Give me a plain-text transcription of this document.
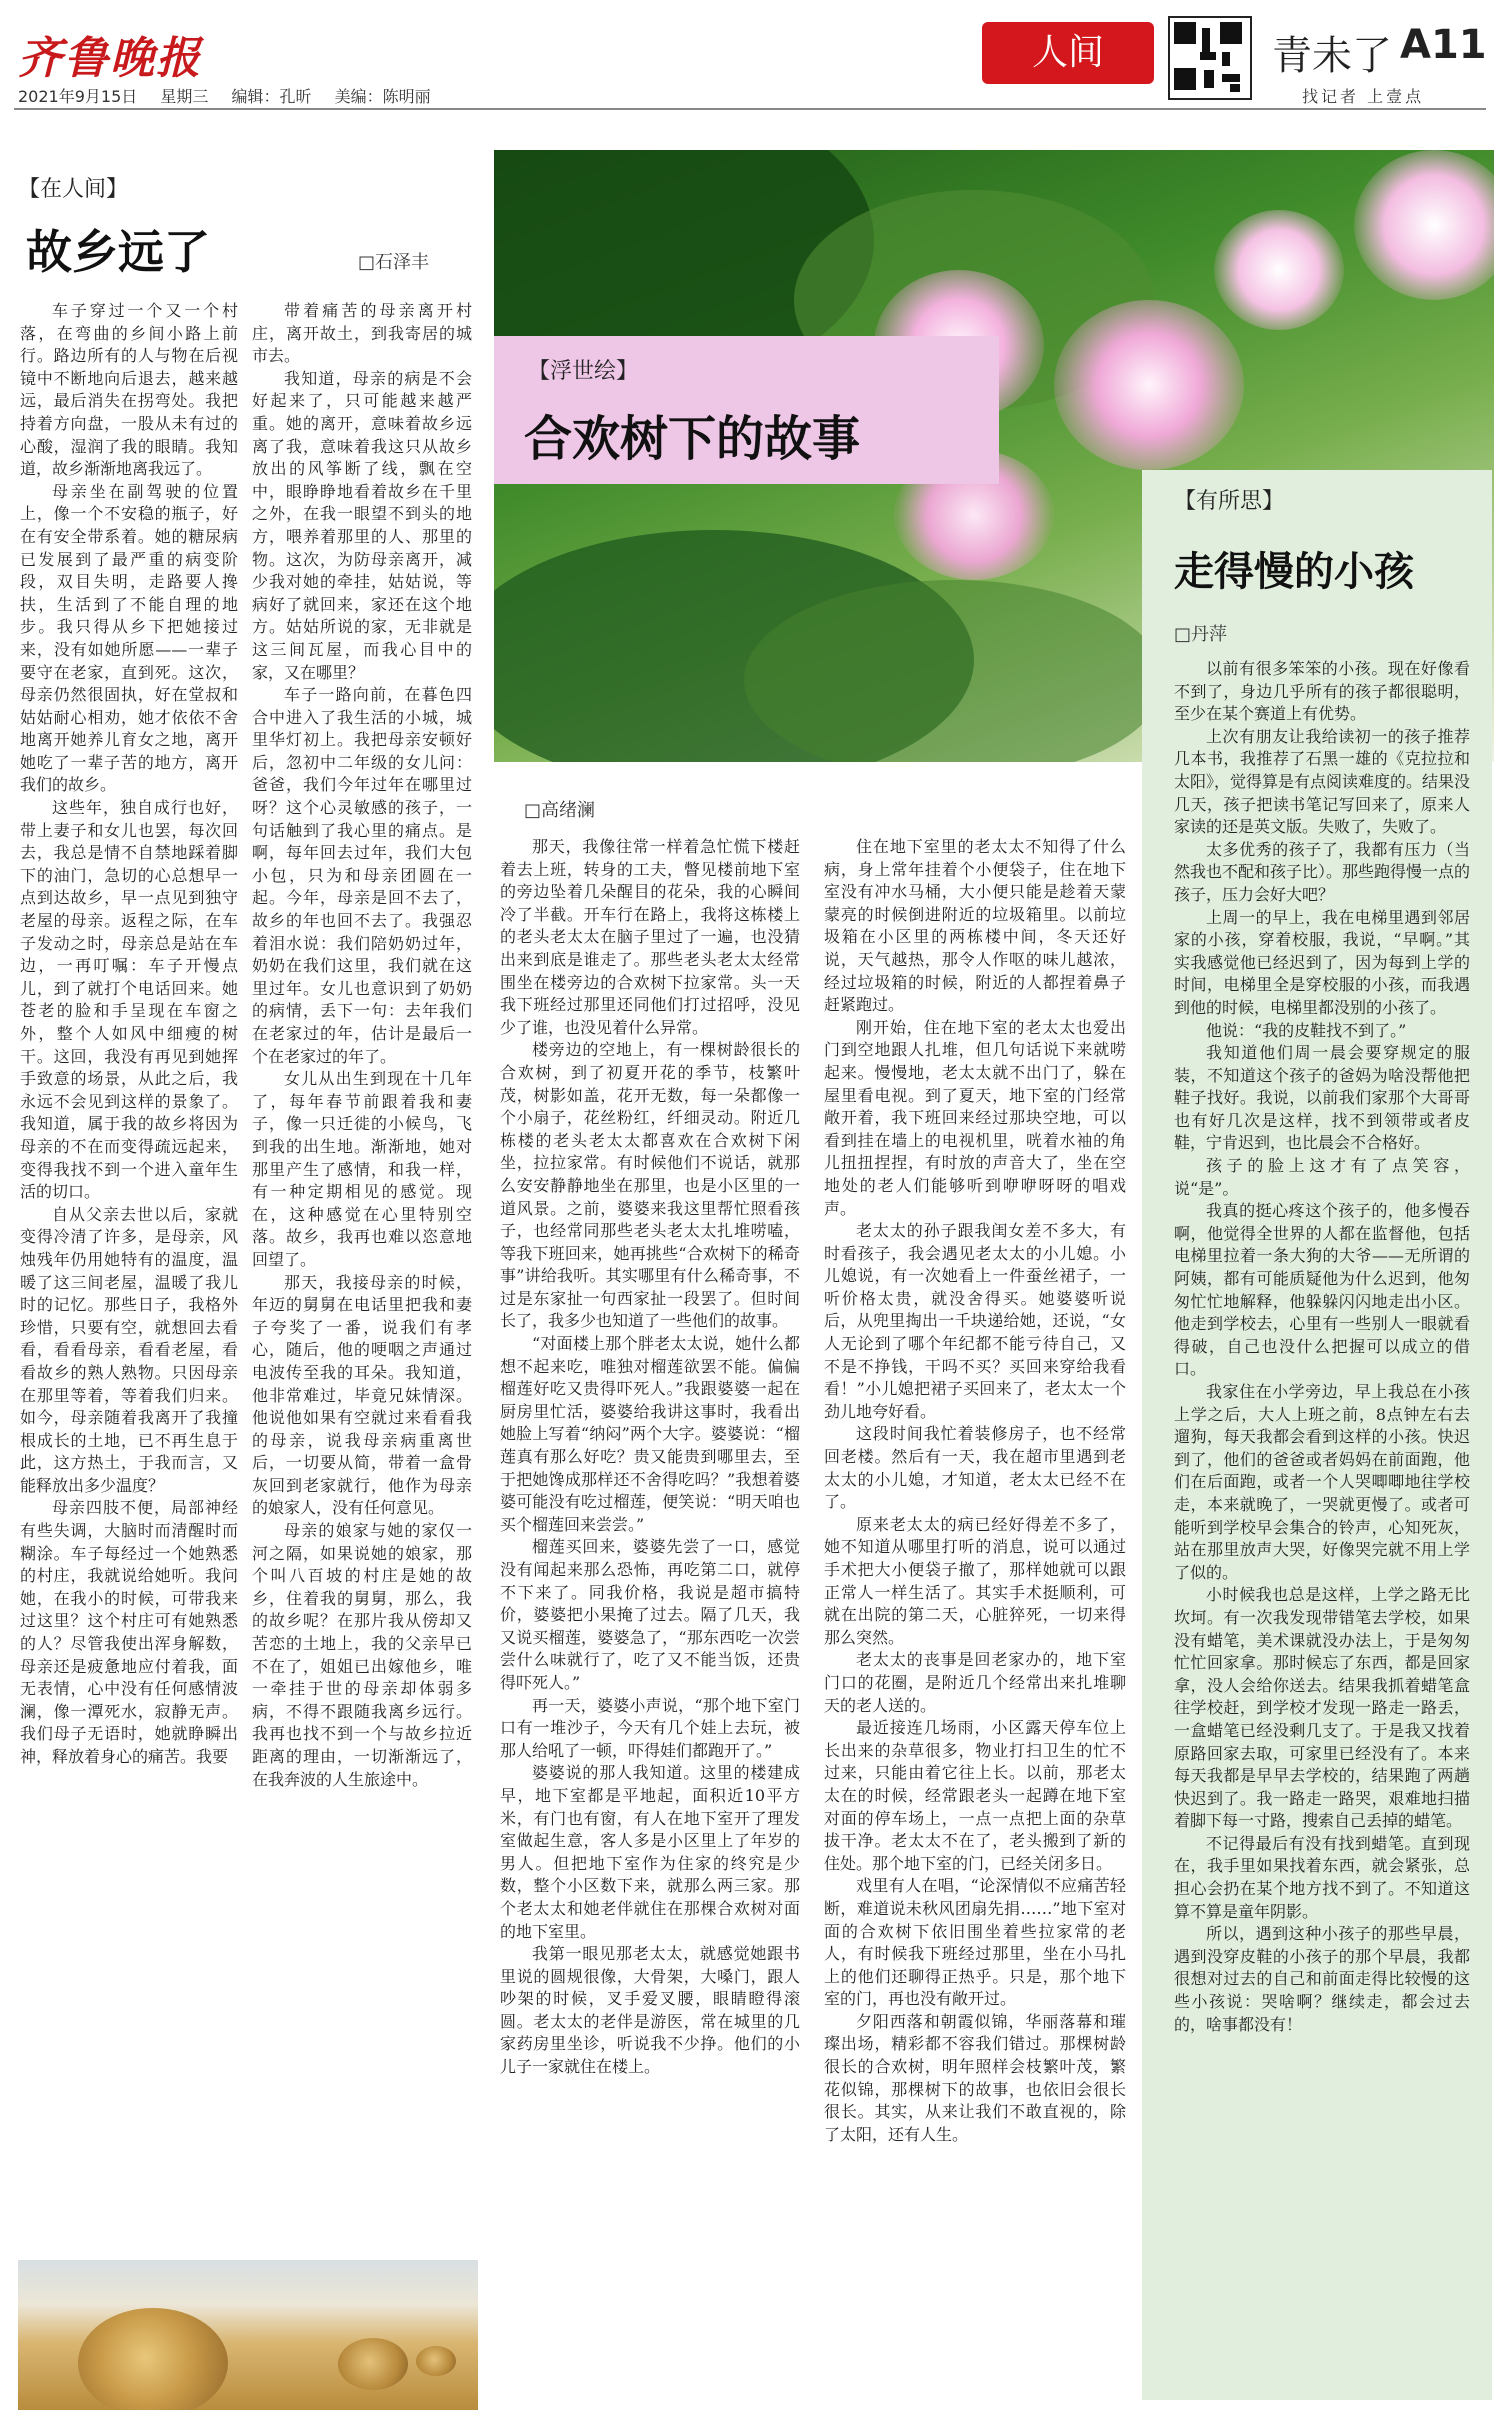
齐鲁晚报
2021年9月15日 星期三 编辑：孔昕 美编：陈明丽
人间	青未了 A11
找记者 上壹点
【在人间】
故乡远了	□石泽丰

车子穿过一个又一个村落，在弯曲的乡间小路上前行。路边所有的人与物在后视镜中不断地向后退去，越来越远，最后消失在拐弯处。我把持着方向盘，一股从未有过的心酸，湿润了我的眼睛。我知道，故乡渐渐地离我远了。

母亲坐在副驾驶的位置上，像一个不安稳的瓶子，好在有安全带系着。她的糖尿病已发展到了最严重的病变阶段，双目失明，走路要人搀扶，生活到了不能自理的地步。我只得从乡下把她接过来，没有如她所愿——一辈子要守在老家，直到死。这次，母亲仍然很固执，好在堂叔和姑姑耐心相劝，她才依依不舍地离开她养儿育女之地，离开她吃了一辈子苦的地方，离开我们的故乡。

这些年，独自成行也好，带上妻子和女儿也罢，每次回去，我总是情不自禁地踩着脚下的油门，急切的心总想早一点到达故乡，早一点见到独守老屋的母亲。返程之际，在车子发动之时，母亲总是站在车边，一再叮嘱：车子开慢点儿，到了就打个电话回来。她苍老的脸和手呈现在车窗之外，整个人如风中细瘦的树干。这回，我没有再见到她挥手致意的场景，从此之后，我永远不会见到这样的景象了。我知道，属于我的故乡将因为母亲的不在而变得疏远起来，变得我找不到一个进入童年生活的切口。

自从父亲去世以后，家就变得冷清了许多，是母亲，风烛残年仍用她特有的温度，温暖了这三间老屋，温暖了我儿时的记忆。那些日子，我格外珍惜，只要有空，就想回去看看，看看母亲，看看老屋，看看故乡的熟人熟物。只因母亲在那里等着，等着我们归来。如今，母亲随着我离开了我撞根成长的土地，已不再生息于此，这方热土，于我而言，又能释放出多少温度？

母亲四肢不便，局部神经有些失调，大脑时而清醒时而糊涂。车子每经过一个她熟悉的村庄，我就说给她听。我问她，在我小的时候，可带我来过这里？这个村庄可有她熟悉的人？尽管我使出浑身解数，母亲还是疲惫地应付着我，面无表情，心中没有任何感情波澜，像一潭死水，寂静无声。我们母子无语时，她就睁瞬出神，释放着身心的痛苦。我要

带着痛苦的母亲离开村庄，离开故土，到我寄居的城市去。

我知道，母亲的病是不会好起来了，只可能越来越严重。她的离开，意味着故乡远离了我，意味着我这只从故乡放出的风筝断了线，飘在空中，眼睁睁地看着故乡在千里之外，在我一眼望不到头的地方，喂养着那里的人、那里的物。这次，为防母亲离开，减少我对她的牵挂，姑姑说，等病好了就回来，家还在这个地方。姑姑所说的家，无非就是这三间瓦屋，而我心目中的家，又在哪里？

车子一路向前，在暮色四合中进入了我生活的小城，城里华灯初上。我把母亲安顿好后，忽初中二年级的女儿问：爸爸，我们今年过年在哪里过呀？这个心灵敏感的孩子，一句话触到了我心里的痛点。是啊，每年回去过年，我们大包小包，只为和母亲团圆在一起。今年，母亲是回不去了，故乡的年也回不去了。我强忍着泪水说：我们陪奶奶过年，奶奶在我们这里，我们就在这里过年。女儿也意识到了奶奶的病情，丢下一句：去年我们在老家过的年，估计是最后一个在老家过的年了。

女儿从出生到现在十几年了，每年春节前跟着我和妻子，像一只迁徙的小候鸟，飞到我的出生地。渐渐地，她对那里产生了感情，和我一样，有一种定期相见的感觉。现在，这种感觉在心里特别空落。故乡，我再也难以恣意地回望了。

那天，我接母亲的时候，年迈的舅舅在电话里把我和妻子夸奖了一番，说我们有孝心，随后，他的哽咽之声通过电波传至我的耳朵。我知道，他非常难过，毕竟兄妹情深。他说他如果有空就过来看看我的母亲，说我母亲病重离世后，一切要从简，带着一盒骨灰回到老家就行，他作为母亲的娘家人，没有任何意见。

母亲的娘家与她的家仅一河之隔，如果说她的娘家，那个叫八百坡的村庄是她的故乡，住着我的舅舅，那么，我的故乡呢？在那片我从傍却又苦恋的土地上，我的父亲早已不在了，姐姐已出嫁他乡，唯一牵挂于世的母亲却体弱多病，不得不跟随我离乡远行。我再也找不到一个与故乡拉近距离的理由，一切渐渐远了，在我奔波的人生旅途中。

【浮世绘】
合欢树下的故事
□高绪澜

那天，我像往常一样着急忙慌下楼赶着去上班，转身的工夫，瞥见楼前地下室的旁边坠着几朵醒目的花朵，我的心瞬间冷了半截。开车行在路上，我将这栋楼上的老头老太太在脑子里过了一遍，也没猜出来到底是谁走了。那些老头老太太经常围坐在楼旁边的合欢树下拉家常。头一天我下班经过那里还同他们打过招呼，没见少了谁，也没见着什么异常。

楼旁边的空地上，有一棵树龄很长的合欢树，到了初夏开花的季节，枝繁叶茂，树影如盖，花开无数，每一朵都像一个小扇子，花丝粉红，纤细灵动。附近几栋楼的老头老太太都喜欢在合欢树下闲坐，拉拉家常。有时候他们不说话，就那么安安静静地坐在那里，也是小区里的一道风景。之前，婆婆来我这里帮忙照看孩子，也经常同那些老头老太太扎堆唠嗑，等我下班回来，她再挑些“合欢树下的稀奇事”讲给我听。其实哪里有什么稀奇事，不过是东家扯一句西家扯一段罢了。但时间长了，我多少也知道了一些他们的故事。

“对面楼上那个胖老太太说，她什么都想不起来吃，唯独对榴莲欲罢不能。偏偏榴莲好吃又贵得吓死人。”我跟婆婆一起在厨房里忙活，婆婆给我讲这事时，我看出她脸上写着“纳闷”两个大字。婆婆说：“榴莲真有那么好吃？贵又能贵到哪里去，至于把她馋成那样还不舍得吃吗？”我想着婆婆可能没有吃过榴莲，便笑说：“明天咱也买个榴莲回来尝尝。”

榴莲买回来，婆婆先尝了一口，感觉没有闻起来那么恐怖，再吃第二口，就停不下来了。同我价格，我说是超市搞特价，婆婆把小果掩了过去。隔了几天，我又说买榴莲，婆婆急了，“那东西吃一次尝尝什么味就行了，吃了又不能当饭，还贵得吓死人。”

再一天，婆婆小声说，“那个地下室门口有一堆沙子，今天有几个娃上去玩，被那人给吼了一顿，吓得娃们都跑开了。”

婆婆说的那人我知道。这里的楼建成早，地下室都是平地起，面积近10平方米，有门也有窗，有人在地下室开了理发室做起生意，客人多是小区里上了年岁的男人。但把地下室作为住家的终究是少数，整个小区数下来，就那么两三家。那个老太太和她老伴就住在那棵合欢树对面的地下室里。

我第一眼见那老太太，就感觉她跟书里说的圆规很像，大骨架，大嗓门，跟人吵架的时候，叉手爱叉腰，眼睛瞪得滚圆。老太太的老伴是游医，常在城里的几家药房里坐诊，听说我不少挣。他们的小儿子一家就住在楼上。

住在地下室里的老太太不知得了什么病，身上常年挂着个小便袋子，住在地下室没有冲水马桶，大小便只能是趁着天蒙蒙亮的时候倒进附近的垃圾箱里。以前垃圾箱在小区里的两栋楼中间，冬天还好说，天气越热，那令人作呕的味儿越浓，经过垃圾箱的时候，附近的人都捏着鼻子赶紧跑过。

刚开始，住在地下室的老太太也爱出门到空地跟人扎堆，但几句话说下来就唠起来。慢慢地，老太太就不出门了，躲在屋里看电视。到了夏天，地下室的门经常敞开着，我下班回来经过那块空地，可以看到挂在墙上的电视机里，咣着水袖的角儿扭扭捏捏，有时放的声音大了，坐在空地处的老人们能够听到咿咿呀呀的唱戏声。

老太太的孙子跟我闺女差不多大，有时看孩子，我会遇见老太太的小儿媳。小儿媳说，有一次她看上一件蚕丝裙子，一听价格太贵，就没舍得买。她婆婆听说后，从兜里掏出一千块递给她，还说，“女人无论到了哪个年纪都不能亏待自己，又不是不挣钱，干吗不买？买回来穿给我看看！”小儿媳把裙子买回来了，老太太一个劲儿地夸好看。

这段时间我忙着装修房子，也不经常回老楼。然后有一天，我在超市里遇到老太太的小儿媳，才知道，老太太已经不在了。

原来老太太的病已经好得差不多了，她不知道从哪里打听的消息，说可以通过手术把大小便袋子撤了，那样她就可以跟正常人一样生活了。其实手术挺顺利，可就在出院的第二天，心脏猝死，一切来得那么突然。

老太太的丧事是回老家办的，地下室门口的花圈，是附近几个经常出来扎堆聊天的老人送的。

最近接连几场雨，小区露天停车位上长出来的杂草很多，物业打扫卫生的忙不过来，只能由着它往上长。以前，那老太太在的时候，经常跟老头一起蹲在地下室对面的停车场上，一点一点把上面的杂草拔干净。老太太不在了，老头搬到了新的住处。那个地下室的门，已经关闭多日。

戏里有人在唱，“论深情似不应痛苦轻断，难道说未秋风团扇先捐……”地下室对面的合欢树下依旧围坐着些拉家常的老人，有时候我下班经过那里，坐在小马扎上的他们还聊得正热乎。只是，那个地下室的门，再也没有敞开过。

夕阳西落和朝霞似锦，华丽落幕和璀璨出场，精彩都不容我们错过。那棵树龄很长的合欢树，明年照样会枝繁叶茂，繁花似锦，那棵树下的故事，也依旧会很长很长。其实，从来让我们不敢直视的，除了太阳，还有人生。

【有所思】
走得慢的小孩
□丹萍

以前有很多笨笨的小孩。现在好像看不到了，身边几乎所有的孩子都很聪明，至少在某个赛道上有优势。

上次有朋友让我给读初一的孩子推荐几本书，我推荐了石黑一雄的《克拉拉和太阳》，觉得算是有点阅读难度的。结果没几天，孩子把读书笔记写回来了，原来人家读的还是英文版。失败了，失败了。

太多优秀的孩子了，我都有压力（当然我也不配和孩子比）。那些跑得慢一点的孩子，压力会好大吧？

上周一的早上，我在电梯里遇到邻居家的小孩，穿着校服，我说，“早啊。”其实我感觉他已经迟到了，因为每到上学的时间，电梯里全是穿校服的小孩，而我遇到他的时候，电梯里都没别的小孩了。

他说：“我的皮鞋找不到了。”

我知道他们周一晨会要穿规定的服装，不知道这个孩子的爸妈为啥没帮他把鞋子找好。我说，以前我们家那个大哥哥也有好几次是这样，找不到领带或者皮鞋，宁肯迟到，也比晨会不合格好。

孩子的脸上这才有了点笑容，说“是”。

我真的挺心疼这个孩子的，他多慢吞啊，他觉得全世界的人都在监督他，包括电梯里拉着一条大狗的大爷——无所谓的阿姨，都有可能质疑他为什么迟到，他匆匆忙忙地解释，他躲躲闪闪地走出小区。他走到学校去，心里有一些别人一眼就看得破，自己也没什么把握可以成立的借口。

我家住在小学旁边，早上我总在小孩上学之后，大人上班之前，8点钟左右去遛狗，每天我都会看到这样的小孩。快迟到了，他们的爸爸或者妈妈在前面跑，他们在后面跑，或者一个人哭唧唧地往学校走，本来就晚了，一哭就更慢了。或者可能听到学校早会集合的铃声，心知死灰，站在那里放声大哭，好像哭完就不用上学了似的。

小时候我也总是这样，上学之路无比坎坷。有一次我发现带错笔去学校，如果没有蜡笔，美术课就没办法上，于是匆匆忙忙回家拿。那时候忘了东西，都是回家拿，没人会给你送去。结果我抓着蜡笔盒往学校赶，到学校才发现一路走一路丢，一盒蜡笔已经没剩几支了。于是我又找着原路回家去取，可家里已经没有了。本来每天我都是早早去学校的，结果跑了两趟快迟到了。我一路走一路哭，艰难地扫描着脚下每一寸路，搜索自己丢掉的蜡笔。

不记得最后有没有找到蜡笔。直到现在，我手里如果找着东西，就会紧张，总担心会扔在某个地方找不到了。不知道这算不算是童年阴影。

所以，遇到这种小孩子的那些早晨，遇到没穿皮鞋的小孩子的那个早晨，我都很想对过去的自己和前面走得比较慢的这些小孩说：哭啥啊？继续走，都会过去的，啥事都没有！
